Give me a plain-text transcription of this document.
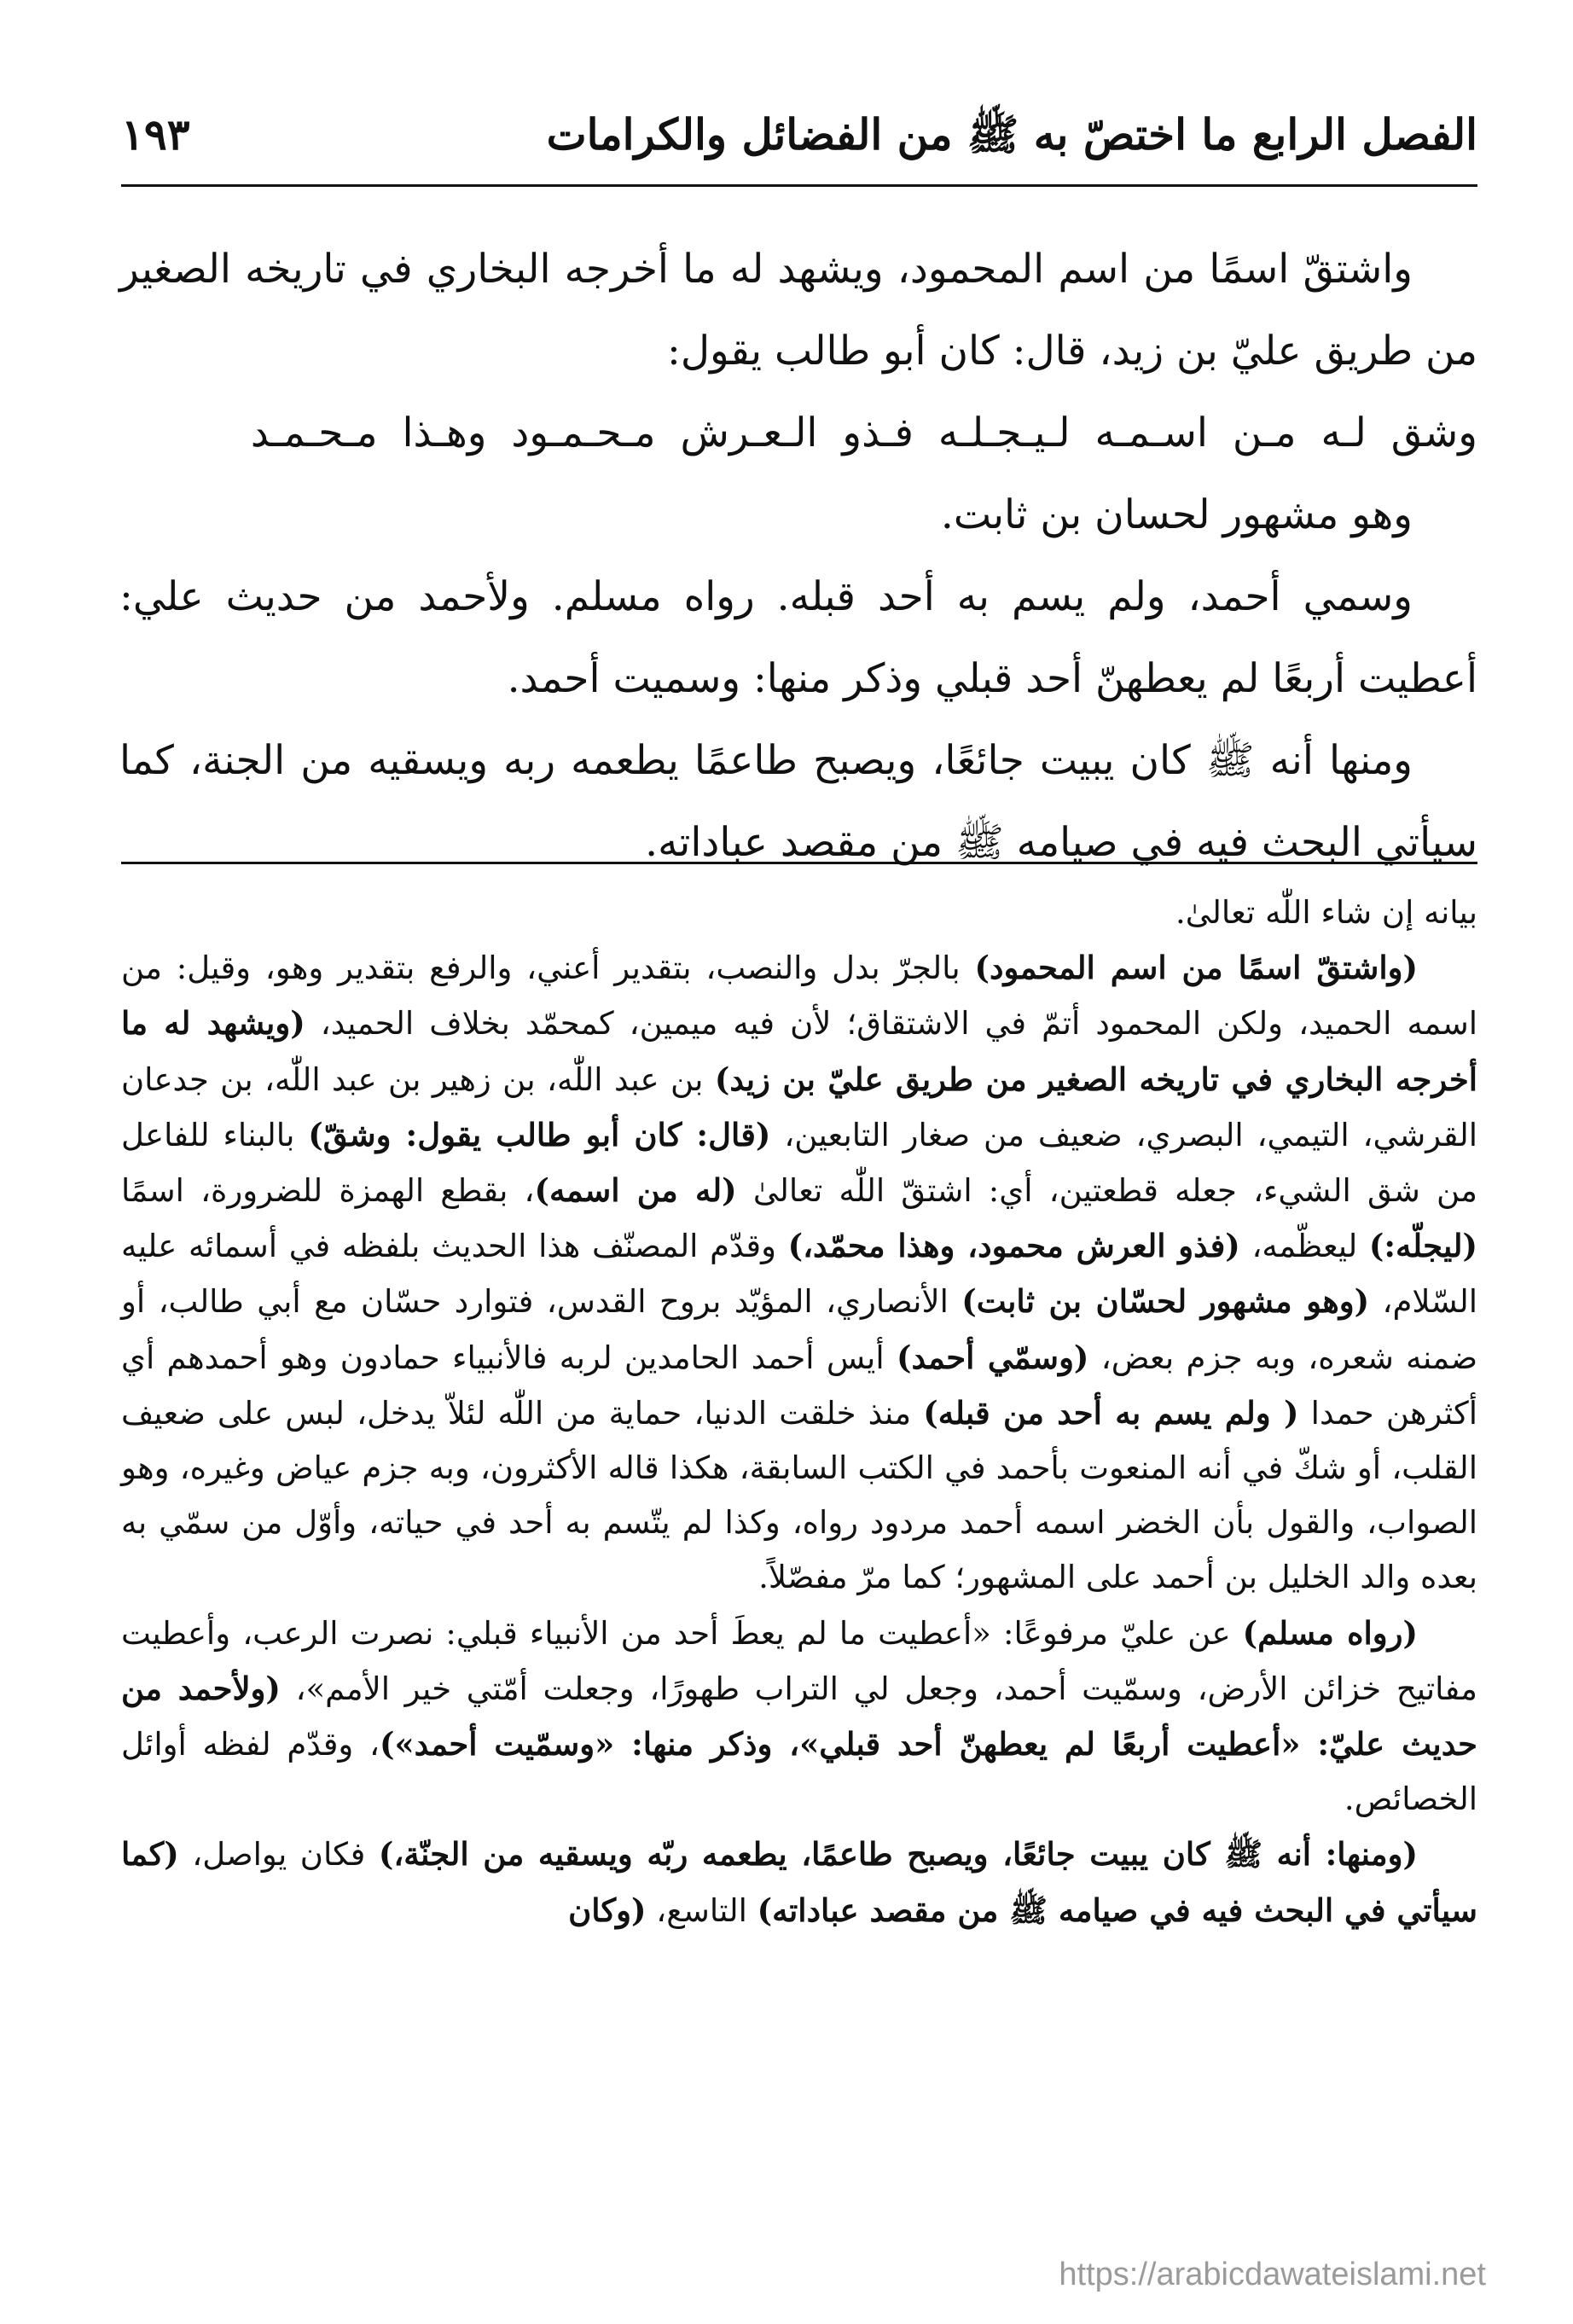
الفصل الرابع ما اختصّ به ﷺ من الفضائل والكرامات
١٩٣

واشتقّ اسمًا من اسم المحمود، ويشهد له ما أخرجه البخاري في تاريخه الصغير من طريق عليّ بن زيد، قال: كان أبو طالب يقول:

وشق لـه مـن اسـمـه لـيـجـلـه فـذو الـعـرش مـحـمـود وهـذا مـحـمـد

وهو مشهور لحسان بن ثابت.

وسمي أحمد، ولم يسم به أحد قبله. رواه مسلم. ولأحمد من حديث علي: أعطيت أربعًا لم يعطهنّ أحد قبلي وذكر منها: وسميت أحمد.

ومنها أنه ﷺ كان يبيت جائعًا، ويصبح طاعمًا يطعمه ربه ويسقيه من الجنة، كما سيأتي البحث فيه في صيامه ﷺ من مقصد عباداته.

بيانه إن شاء اللّٰه تعالىٰ.

(واشتقّ اسمًا من اسم المحمود) بالجرّ بدل والنصب، بتقدير أعني، والرفع بتقدير وهو، وقيل: من اسمه الحميد، ولكن المحمود أتمّ في الاشتقاق؛ لأن فيه ميمين، كمحمّد بخلاف الحميد، (ويشهد له ما أخرجه البخاري في تاريخه الصغير من طريق عليّ بن زيد) بن عبد اللّٰه، بن زهير بن عبد اللّٰه، بن جدعان القرشي، التيمي، البصري، ضعيف من صغار التابعين، (قال: كان أبو طالب يقول: وشقّ) بالبناء للفاعل من شق الشيء، جعله قطعتين، أي: اشتقّ اللّٰه تعالىٰ (له من اسمه)، بقطع الهمزة للضرورة، اسمًا (ليجلّه:) ليعظّمه، (فذو العرش محمود، وهذا محمّد،) وقدّم المصنّف هذا الحديث بلفظه في أسمائه عليه السّلام، (وهو مشهور لحسّان بن ثابت) الأنصاري، المؤيّد بروح القدس، فتوارد حسّان مع أبي طالب، أو ضمنه شعره، وبه جزم بعض، (وسمّي أحمد) أيس أحمد الحامدين لربه فالأنبياء حمادون وهو أحمدهم أي أكثرهن حمدا ( ولم يسم به أحد من قبله) منذ خلقت الدنيا، حماية من اللّٰه لئلاّ يدخل، لبس على ضعيف القلب، أو شكّ في أنه المنعوت بأحمد في الكتب السابقة، هكذا قاله الأكثرون، وبه جزم عياض وغيره، وهو الصواب، والقول بأن الخضر اسمه أحمد مردود رواه، وكذا لم يتّسم به أحد في حياته، وأوّل من سمّي به بعده والد الخليل بن أحمد على المشهور؛ كما مرّ مفصّلاً.

(رواه مسلم) عن عليّ مرفوعًا: «أعطيت ما لم يعطَ أحد من الأنبياء قبلي: نصرت الرعب، وأعطيت مفاتيح خزائن الأرض، وسمّيت أحمد، وجعل لي التراب طهورًا، وجعلت أمّتي خير الأمم»، (ولأحمد من حديث عليّ: «أعطيت أربعًا لم يعطهنّ أحد قبلي»، وذكر منها: «وسمّيت أحمد»)، وقدّم لفظه أوائل الخصائص.

(ومنها: أنه ﷺ كان يبيت جائعًا، ويصبح طاعمًا، يطعمه ربّه ويسقيه من الجنّة،) فكان يواصل، (كما سيأتي في البحث فيه في صيامه ﷺ من مقصد عباداته) التاسع، (وكان

https://arabicdawateislami.net
